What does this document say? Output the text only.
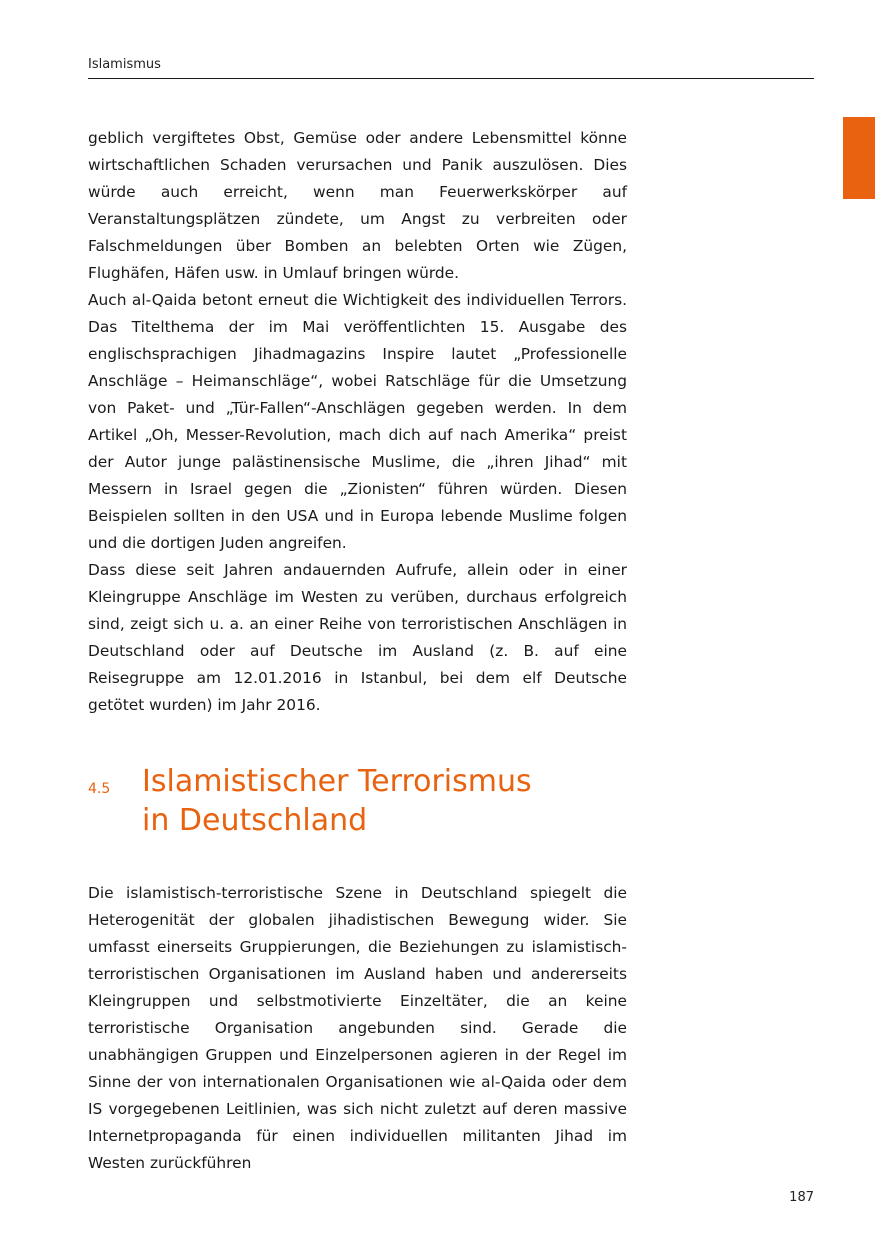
Islamismus

geblich vergiftetes Obst, Gemüse oder andere Lebensmittel könne wirtschaftlichen Schaden verursachen und Panik auszulösen. Dies würde auch erreicht, wenn man Feuerwerkskörper auf Veranstaltungsplätzen zündete, um Angst zu verbreiten oder Falschmeldungen über Bomben an belebten Orten wie Zügen, Flughäfen, Häfen usw. in Umlauf bringen würde.

Auch al-Qaida betont erneut die Wichtigkeit des individuellen Terrors. Das Titelthema der im Mai veröffentlichten 15. Ausgabe des englischsprachigen Jihadmagazins Inspire lautet „Professionelle Anschläge – Heimanschläge“, wobei Ratschläge für die Umsetzung von Paket- und „Tür-Fallen“-Anschlägen gegeben werden. In dem Artikel „Oh, Messer-Revolution, mach dich auf nach Amerika“ preist der Autor junge palästinensische Muslime, die „ihren Jihad“ mit Messern in Israel gegen die „Zionisten“ führen würden. Diesen Beispielen sollten in den USA und in Europa lebende Muslime folgen und die dortigen Juden angreifen.

Dass diese seit Jahren andauernden Aufrufe, allein oder in einer Kleingruppe Anschläge im Westen zu verüben, durchaus erfolgreich sind, zeigt sich u. a. an einer Reihe von terroristischen Anschlägen in Deutschland oder auf Deutsche im Ausland (z. B. auf eine Reisegruppe am 12.01.2016 in Istanbul, bei dem elf Deutsche getötet wurden) im Jahr 2016.

4.5	Islamistischer Terrorismus
in Deutschland

Die islamistisch-terroristische Szene in Deutschland spiegelt die Heterogenität der globalen jihadistischen Bewegung wider. Sie umfasst einerseits Gruppierungen, die Beziehungen zu islamistisch-terroristischen Organisationen im Ausland haben und andererseits Kleingruppen und selbstmotivierte Einzeltäter, die an keine terroristische Organisation angebunden sind. Gerade die unabhängigen Gruppen und Einzelpersonen agieren in der Regel im Sinne der von internationalen Organisationen wie al-Qaida oder dem IS vorgegebenen Leitlinien, was sich nicht zuletzt auf deren massive Internetpropaganda für einen individuellen militanten Jihad im Westen zurückführen

187
